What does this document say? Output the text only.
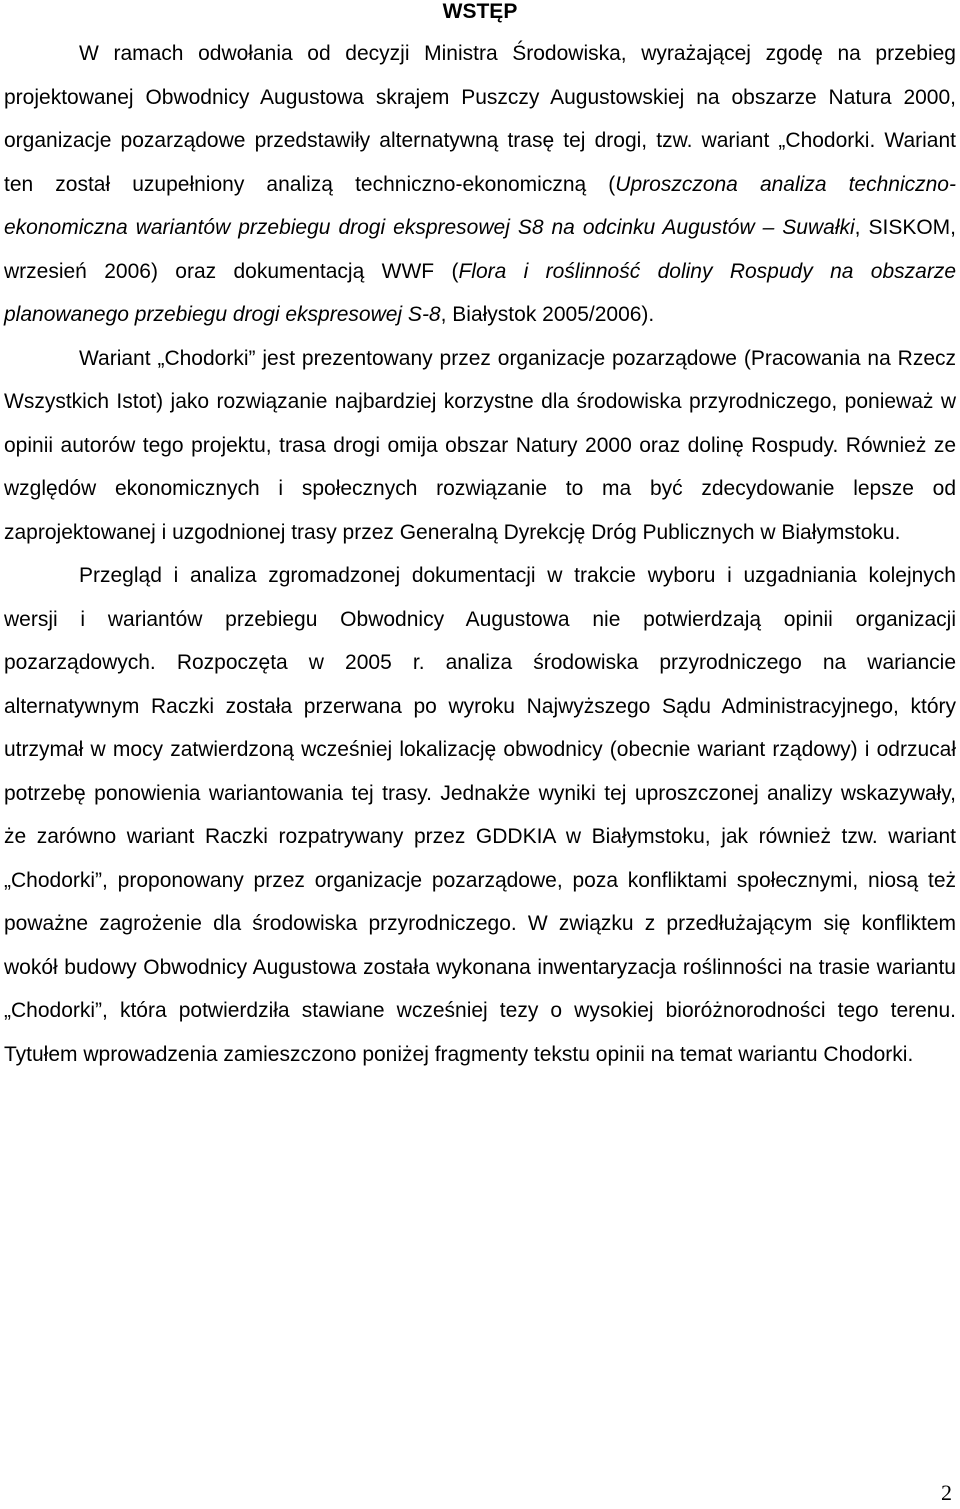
WSTĘP

W ramach odwołania od decyzji Ministra Środowiska, wyrażającej zgodę na przebieg projektowanej Obwodnicy Augustowa skrajem Puszczy Augustowskiej na obszarze Natura 2000, organizacje pozarządowe przedstawiły alternatywną trasę tej drogi, tzw. wariant „Chodorki. Wariant ten został uzupełniony analizą techniczno-ekonomiczną (Uproszczona analiza techniczno-ekonomiczna wariantów przebiegu drogi ekspresowej S8 na odcinku Augustów – Suwałki, SISKOM, wrzesień 2006) oraz dokumentacją WWF (Flora i roślinność doliny Rospudy na obszarze planowanego przebiegu drogi ekspresowej S-8, Białystok 2005/2006).

Wariant „Chodorki” jest prezentowany przez organizacje pozarządowe (Pracowania na Rzecz Wszystkich Istot) jako rozwiązanie najbardziej korzystne dla środowiska przyrodniczego, ponieważ w opinii autorów tego projektu, trasa drogi omija obszar Natury 2000 oraz dolinę Rospudy. Również ze względów ekonomicznych i społecznych rozwiązanie to ma być zdecydowanie lepsze od zaprojektowanej i uzgodnionej trasy przez Generalną Dyrekcję Dróg Publicznych w Białymstoku.

Przegląd i analiza zgromadzonej dokumentacji w trakcie wyboru i uzgadniania kolejnych wersji i wariantów przebiegu Obwodnicy Augustowa nie potwierdzają opinii organizacji pozarządowych. Rozpoczęta w 2005 r. analiza środowiska przyrodniczego na wariancie alternatywnym Raczki została przerwana po wyroku Najwyższego Sądu Administracyjnego, który utrzymał w mocy zatwierdzoną wcześniej lokalizację obwodnicy (obecnie wariant rządowy) i odrzucał potrzebę ponowienia wariantowania tej trasy. Jednakże wyniki tej uproszczonej analizy wskazywały, że zarówno wariant Raczki rozpatrywany przez GDDKIA w Białymstoku, jak również tzw. wariant „Chodorki”, proponowany przez organizacje pozarządowe, poza konfliktami społecznymi, niosą też poważne zagrożenie dla środowiska przyrodniczego. W związku z przedłużającym się konfliktem wokół budowy Obwodnicy Augustowa została wykonana inwentaryzacja roślinności na trasie wariantu „Chodorki”, która potwierdziła stawiane wcześniej tezy o wysokiej bioróżnorodności tego terenu. Tytułem wprowadzenia zamieszczono poniżej fragmenty tekstu opinii na temat wariantu Chodorki.

2
